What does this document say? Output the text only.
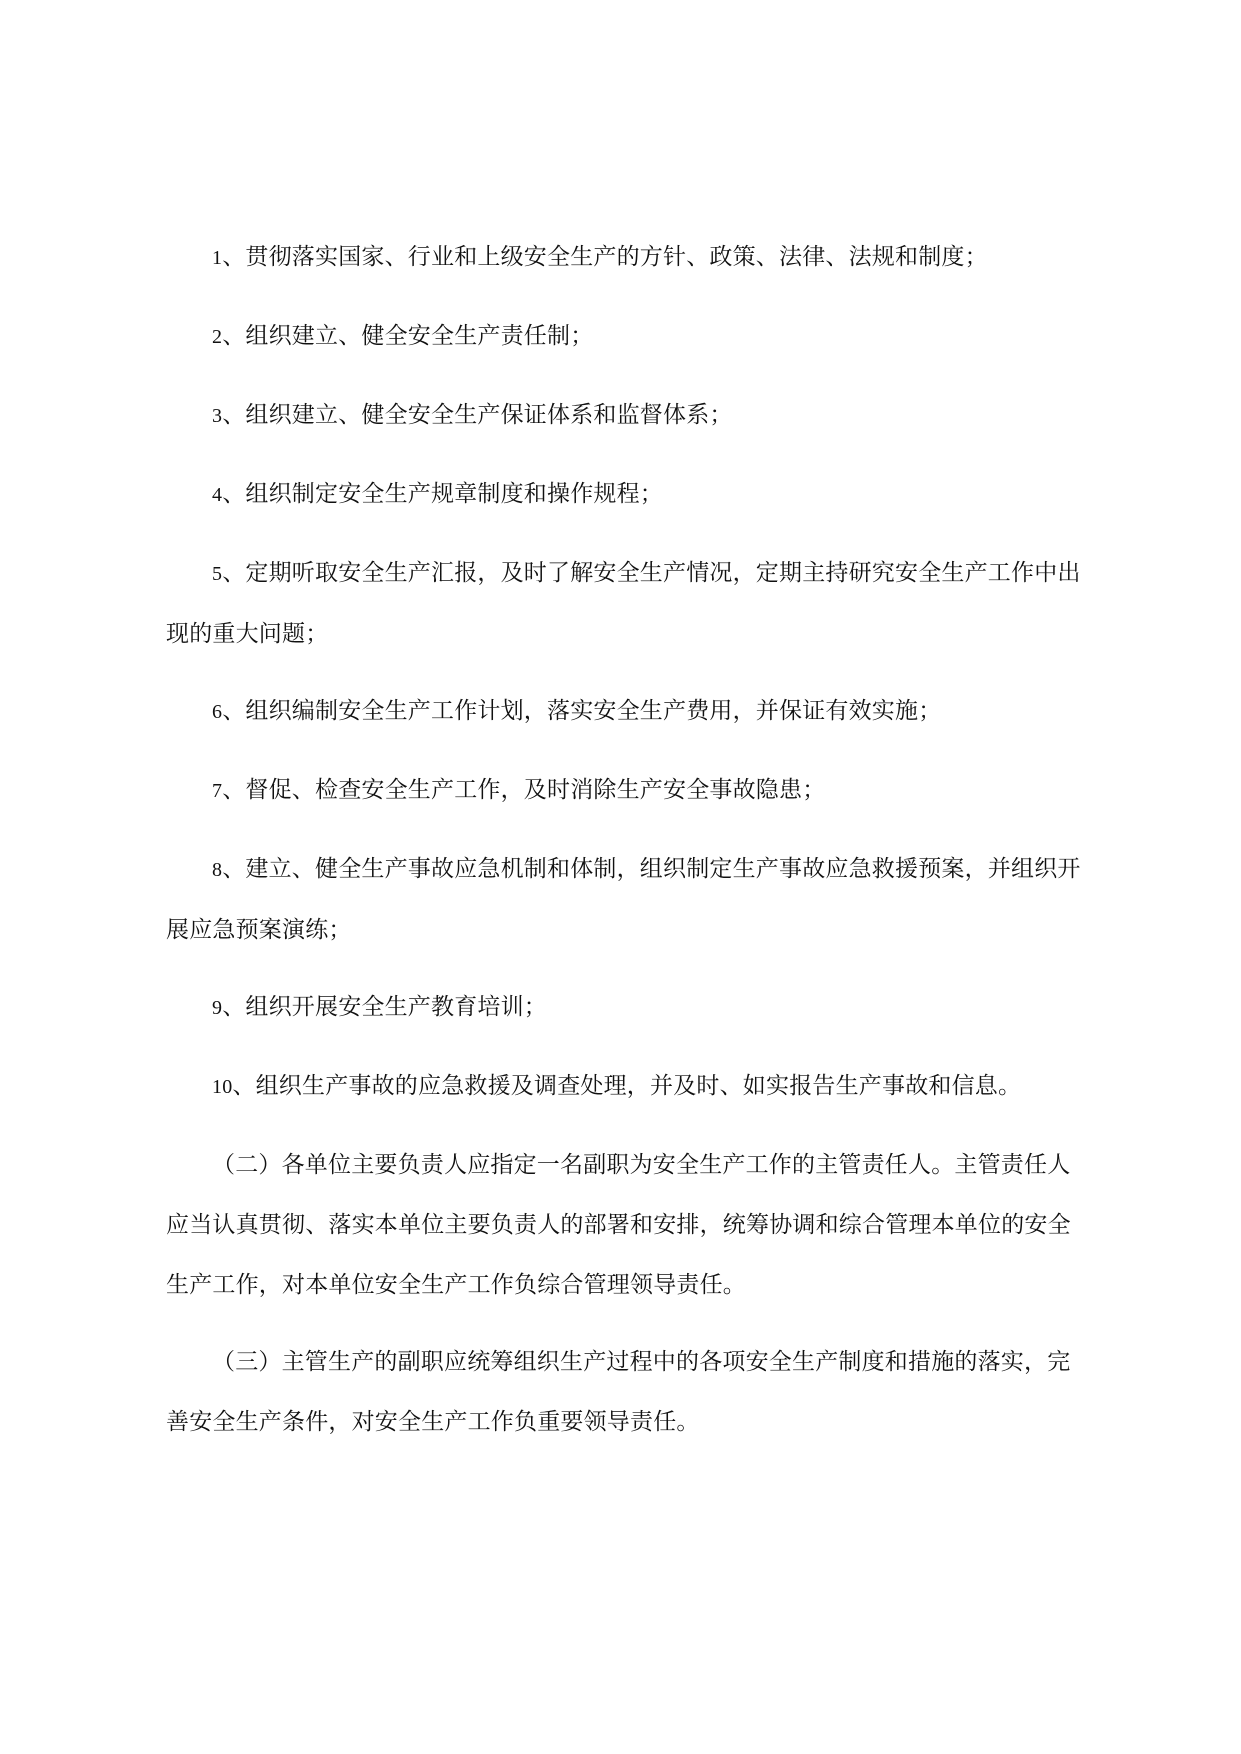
1、贯彻落实国家、行业和上级安全生产的方针、政策、法律、法规和制度；

2、组织建立、健全安全生产责任制；

3、组织建立、健全安全生产保证体系和监督体系；

4、组织制定安全生产规章制度和操作规程；

5、定期听取安全生产汇报，及时了解安全生产情况，定期主持研究安全生产工作中出现的重大问题；

6、组织编制安全生产工作计划，落实安全生产费用，并保证有效实施；

7、督促、检查安全生产工作，及时消除生产安全事故隐患；

8、建立、健全生产事故应急机制和体制，组织制定生产事故应急救援预案，并组织开展应急预案演练；

9、组织开展安全生产教育培训；

10、组织生产事故的应急救援及调查处理，并及时、如实报告生产事故和信息。

（二）各单位主要负责人应指定一名副职为安全生产工作的主管责任人。主管责任人应当认真贯彻、落实本单位主要负责人的部署和安排，统筹协调和综合管理本单位的安全生产工作，对本单位安全生产工作负综合管理领导责任。

（三）主管生产的副职应统筹组织生产过程中的各项安全生产制度和措施的落实，完善安全生产条件，对安全生产工作负重要领导责任。
